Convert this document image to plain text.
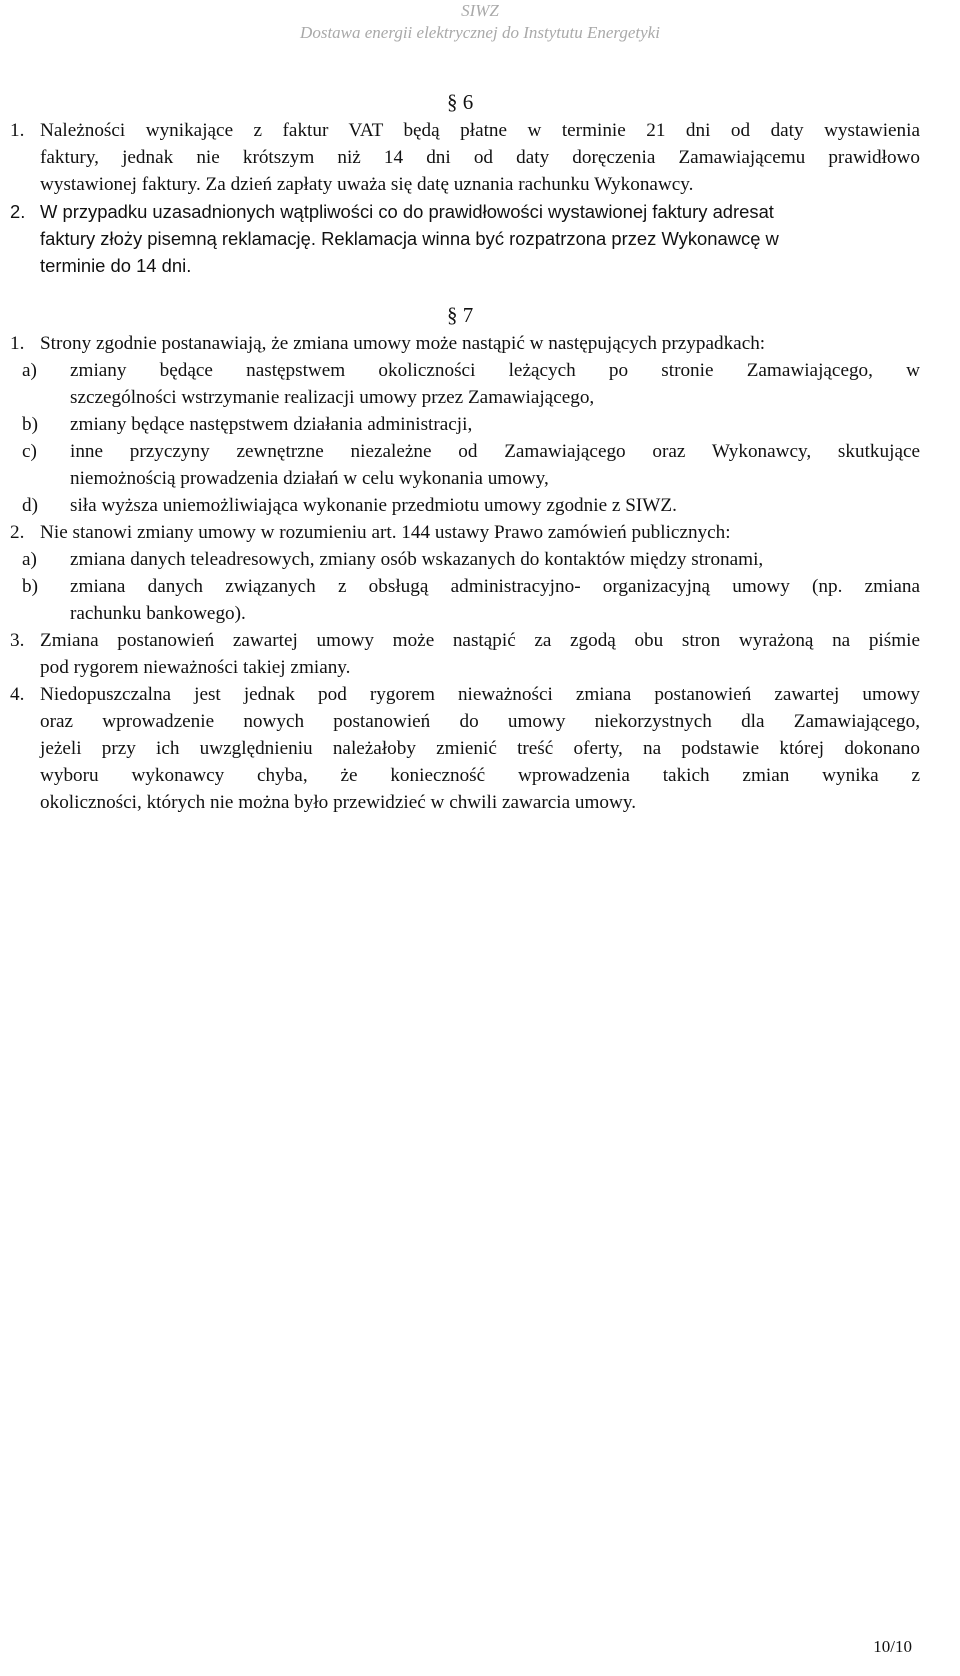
SIWZ
Dostawa energii elektrycznej do Instytutu Energetyki
§ 6
1. Należności wynikające z faktur VAT będą płatne w terminie 21 dni od daty wystawienia
faktury, jednak nie krótszym niż 14 dni od daty doręczenia Zamawiającemu prawidłowo
wystawionej faktury. Za dzień zapłaty uważa się datę uznania rachunku Wykonawcy.
2. W przypadku uzasadnionych wątpliwości co do prawidłowości wystawionej faktury adresat
faktury złoży pisemną reklamację. Reklamacja winna być rozpatrzona przez Wykonawcę w
terminie do 14 dni.
§ 7
1. Strony zgodnie postanawiają, że zmiana umowy może nastąpić w następujących przypadkach:
a) zmiany będące następstwem okoliczności leżących po stronie Zamawiającego, w
szczególności wstrzymanie realizacji umowy przez Zamawiającego,
b) zmiany będące następstwem działania administracji,
c) inne przyczyny zewnętrzne niezależne od Zamawiającego oraz Wykonawcy, skutkujące
niemożnością prowadzenia działań w celu wykonania umowy,
d) siła wyższa uniemożliwiająca wykonanie przedmiotu umowy zgodnie z SIWZ.
2. Nie stanowi zmiany umowy w rozumieniu art. 144 ustawy Prawo zamówień publicznych:
a) zmiana danych teleadresowych, zmiany osób wskazanych do kontaktów między stronami,
b) zmiana danych związanych z obsługą administracyjno- organizacyjną umowy (np. zmiana
rachunku bankowego).
3. Zmiana postanowień zawartej umowy może nastąpić za zgodą obu stron wyrażoną na piśmie
pod rygorem nieważności takiej zmiany.
4. Niedopuszczalna jest jednak pod rygorem nieważności zmiana postanowień zawartej umowy
oraz wprowadzenie nowych postanowień do umowy niekorzystnych dla Zamawiającego,
jeżeli przy ich uwzględnieniu należałoby zmienić treść oferty, na podstawie której dokonano
wyboru wykonawcy chyba, że konieczność wprowadzenia takich zmian wynika z
okoliczności, których nie można było przewidzieć w chwili zawarcia umowy.
10/10
